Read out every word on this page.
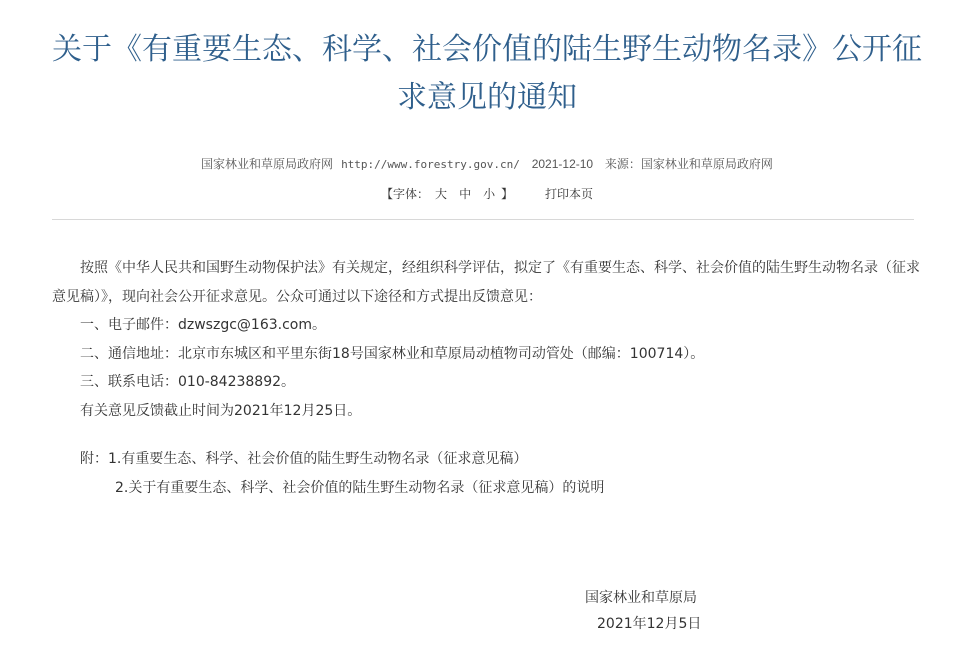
关于《有重要生态、科学、社会价值的陆生野生动物名录》公开征求意见的通知
国家林业和草原局政府网 http://www.forestry.gov.cn/ 2021-12-10 来源：国家林业和草原局政府网
【字体： 大 中 小 】	打印本页

按照《中华人民共和国野生动物保护法》有关规定，经组织科学评估，拟定了《有重要生态、科学、社会价值的陆生野生动物名录（征求意见稿）》，现向社会公开征求意见。公众可通过以下途径和方式提出反馈意见：

一、电子邮件：dzwszgc@163.com。

二、通信地址：北京市东城区和平里东街18号国家林业和草原局动植物司动管处（邮编：100714）。

三、联系电话：010-84238892。

有关意见反馈截止时间为2021年12月25日。

附：1.有重要生态、科学、社会价值的陆生野生动物名录（征求意见稿）

2.关于有重要生态、科学、社会价值的陆生野生动物名录（征求意见稿）的说明

国家林业和草原局
2021年12月5日
